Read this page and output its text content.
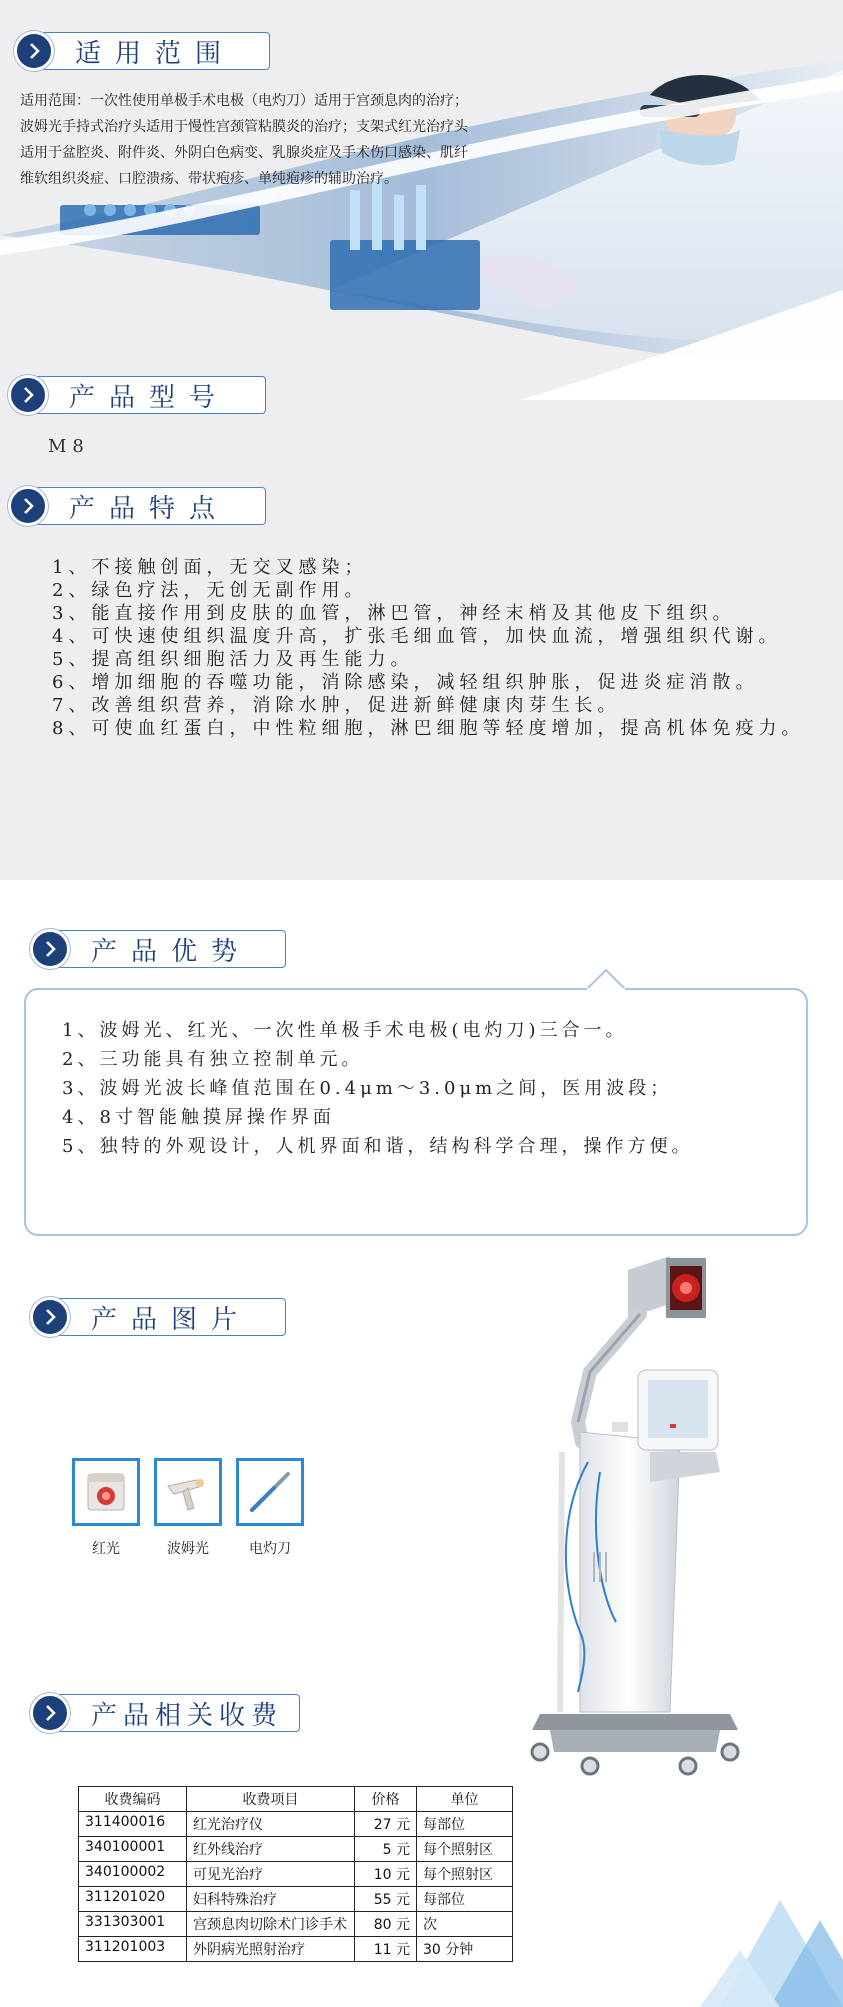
适用范围
适用范围：一次性使用单极手术电极（电灼刀）适用于宫颈息肉的治疗；
波姆光手持式治疗头适用于慢性宫颈管粘膜炎的治疗；支架式红光治疗头
适用于盆腔炎、附件炎、外阴白色病变、乳腺炎症及手术伤口感染、肌纤
维软组织炎症、口腔溃疡、带状疱疹、单纯疱疹的辅助治疗。
产品型号
M8
产品特点
1、不接触创面，无交叉感染；
2、绿色疗法，无创无副作用。
3、能直接作用到皮肤的血管，淋巴管，神经末梢及其他皮下组织。
4、可快速使组织温度升高，扩张毛细血管，加快血流，增强组织代谢。
5、提高组织细胞活力及再生能力。
6、增加细胞的吞噬功能，消除感染，减轻组织肿胀，促进炎症消散。
7、改善组织营养，消除水肿，促进新鲜健康肉芽生长。
8、可使血红蛋白，中性粒细胞，淋巴细胞等轻度增加，提高机体免疫力。
产品优势
1、波姆光、红光、一次性单极手术电极(电灼刀)三合一。
2、三功能具有独立控制单元。
3、波姆光波长峰值范围在0.4μm～3.0μm之间，医用波段；
4、8寸智能触摸屏操作界面
5、独特的外观设计，人机界面和谐，结构科学合理，操作方便。
产品图片
红光	波姆光	电灼刀
产品相关收费
收费编码	收费项目	价格	单位
311400016	红光治疗仪	27 元	每部位
340100001	红外线治疗	5 元	每个照射区
340100002	可见光治疗	10 元	每个照射区
311201020	妇科特殊治疗	55 元	每部位
331303001	宫颈息肉切除术门诊手术	80 元	次
311201003	外阴病光照射治疗	11 元	30 分钟
